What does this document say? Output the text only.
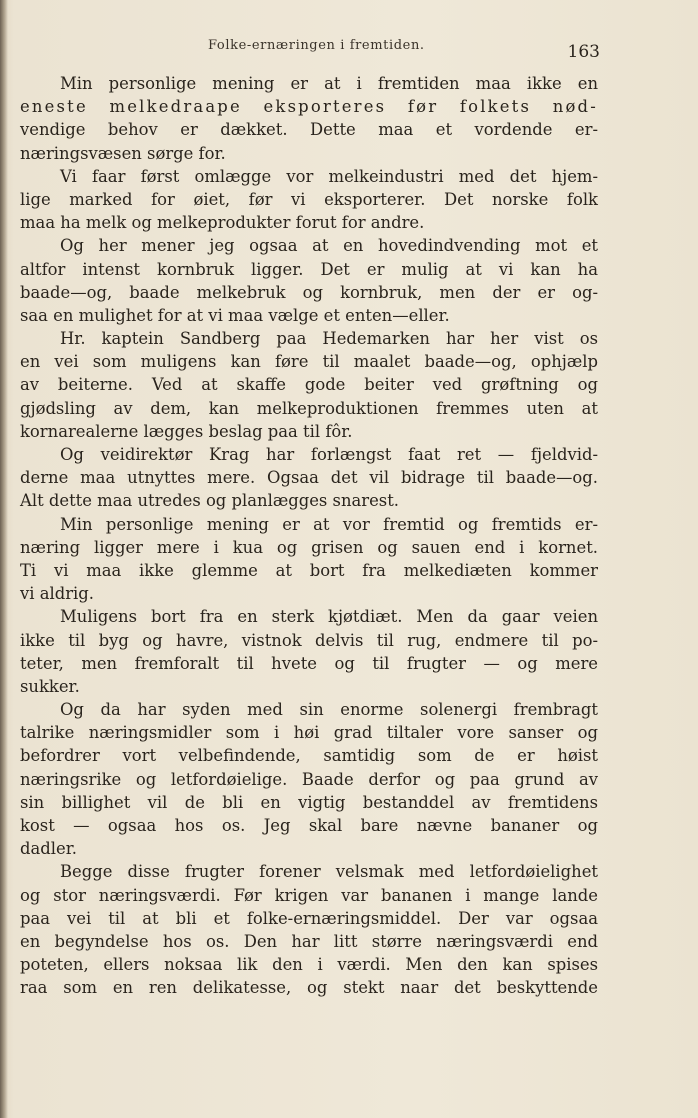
Folke-ernæringen i fremtiden.	163
Min personlige mening er at i fremtiden maa ikke en
eneste melkedraape eksporteres før folkets nød-
vendige behov er dækket. Dette maa et vordende er-
næringsvæsen sørge for.
Vi faar først omlægge vor melkeindustri med det hjem-
lige marked for øiet, før vi eksporterer. Det norske folk
maa ha melk og melkeprodukter forut for andre.
Og her mener jeg ogsaa at en hovedindvending mot et
altfor intenst kornbruk ligger. Det er mulig at vi kan ha
baade—og, baade melkebruk og kornbruk, men der er og-
saa en mulighet for at vi maa vælge et enten—eller.
Hr. kaptein Sandberg paa Hedemarken har her vist os
en vei som muligens kan føre til maalet baade—og, ophjælp
av beiterne. Ved at skaffe gode beiter ved grøftning og
gjødsling av dem, kan melkeproduktionen fremmes uten at
kornarealerne lægges beslag paa til fôr.
Og veidirektør Krag har forlængst faat ret — fjeldvid-
derne maa utnyttes mere. Ogsaa det vil bidrage til baade—og.
Alt dette maa utredes og planlægges snarest.
Min personlige mening er at vor fremtid og fremtids er-
næring ligger mere i kua og grisen og sauen end i kornet.
Ti vi maa ikke glemme at bort fra melkediæten kommer
vi aldrig.
Muligens bort fra en sterk kjøtdiæt. Men da gaar veien
ikke til byg og havre, vistnok delvis til rug, endmere til po-
teter, men fremforalt til hvete og til frugter — og mere
sukker.
Og da har syden med sin enorme solenergi frembragt
talrike næringsmidler som i høi grad tiltaler vore sanser og
befordrer vort velbefindende, samtidig som de er høist
næringsrike og letfordøielige. Baade derfor og paa grund av
sin billighet vil de bli en vigtig bestanddel av fremtidens
kost — ogsaa hos os. Jeg skal bare nævne bananer og
dadler.
Begge disse frugter forener velsmak med letfordøielighet
og stor næringsværdi. Før krigen var bananen i mange lande
paa vei til at bli et folke-ernæringsmiddel. Der var ogsaa
en begyndelse hos os. Den har litt større næringsværdi end
poteten, ellers noksaa lik den i værdi. Men den kan spises
raa som en ren delikatesse, og stekt naar det beskyttende
